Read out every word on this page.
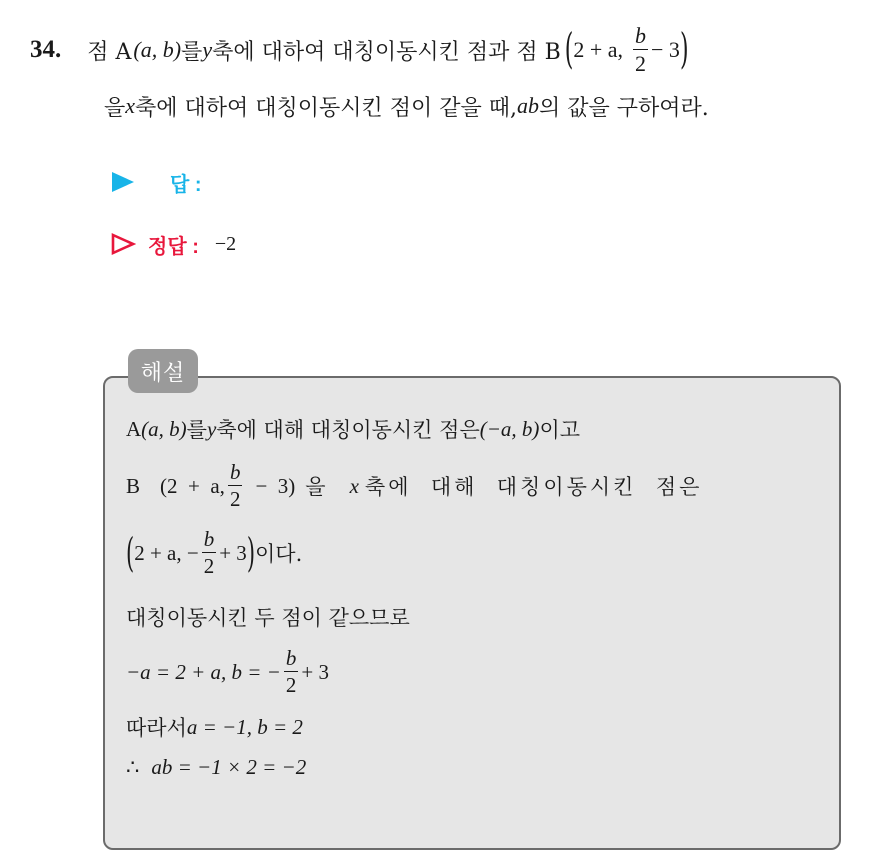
34. 점 A (a, b) 를 y 축에 대하여 대칭이동시킨 점과 점 B ( 2 + a, $\frac{b}{2} - 3$ )
을 x 축에 대하여 대칭이동시킨 점이 같을 때, ab 의 값을 구하여라.
답 :
정답 : −2
해설
A (a, b) 를 y 축에 대해 대칭이동시킨 점은 (−a, b) 이고
B (2  +  a, $\frac{b}{2} - 3$) 을 x 축에  대해  대칭이동시킨  점은
( 2 + a, − $\frac{b}{2} + 3$ ) 이다.
대칭이동시킨 두 점이 같으므로
−a = 2 + a, b = − $\frac{b}{2} + 3$
따라서 a = −1, b = 2
∴ ab = −1 × 2 = −2
